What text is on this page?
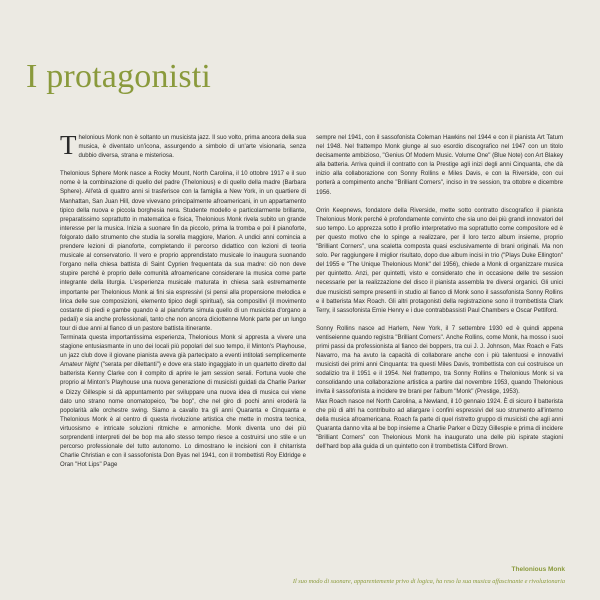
I protagonisti

Thelonious Monk non è soltanto un musicista jazz. Il suo volto, prima ancora della sua musica, è diventato un'icona, assurgendo a simbolo di un'arte visionaria, senza dubbio diversa, strana e misteriosa.

Thelonious Sphere Monk nasce a Rocky Mount, North Carolina, il 10 ottobre 1917 e il suo nome è la combinazione di quello del padre (Thelonious) e di quello della madre (Barbara Sphere). All'età di quattro anni si trasferisce con la famiglia a New York, in un quartiere di Manhattan, San Juan Hill, dove vivevano principalmente afroamericani, in un appartamento tipico della nuova e piccola borghesia nera. Studente modello e particolarmente brillante, preparatissimo soprattutto in matematica e fisica, Thelonious Monk rivela subito un grande interesse per la musica. Inizia a suonare fin da piccolo, prima la tromba e poi il pianoforte, folgorato dallo strumento che studia la sorella maggiore, Marion. A undici anni comincia a prendere lezioni di pianoforte, completando il percorso didattico con lezioni di teoria musicale al conservatorio. Il vero e proprio apprendistato musicale lo inaugura suonando l'organo nella chiesa battista di Saint Cyprien frequentata da sua madre: ciò non deve stupire perché è proprio delle comunità afroamericane considerare la musica come parte integrante della liturgia. L'esperienza musicale maturata in chiesa sarà estremamente importante per Thelonious Monk ai fini sia espressivi (si pensi alla propensione melodica e lirica delle sue composizioni, elemento tipico degli spiritual), sia compositivi (il movimento costante di piedi e gambe quando è al pianoforte simula quello di un musicista d'organo a pedali) e sia anche professionali, tanto che non ancora diciottenne Monk parte per un lungo tour di due anni al fianco di un pastore battista itinerante.

Terminata questa importantissima esperienza, Thelonious Monk si appresta a vivere una stagione entusiasmante in uno dei locali più popolari del suo tempo, il Minton's Playhouse, un jazz club dove il giovane pianista aveva già partecipato a eventi intitolati semplicemente Amateur Night ("serata per dilettanti") e dove era stato ingaggiato in un quartetto diretto dal batterista Kenny Clarke con il compito di aprire le jam session serali. Fortuna vuole che proprio al Minton's Playhouse una nuova generazione di musicisti guidati da Charlie Parker e Dizzy Gillespie si dà appuntamento per sviluppare una nuova idea di musica cui viene dato uno strano nome onomatopeico, "be bop", che nel giro di pochi anni eroderà la popolarità alle orchestre swing. Siamo a cavallo tra gli anni Quaranta e Cinquanta e Thelonious Monk è al centro di questa rivoluzione artistica che mette in mostra tecnica, virtuosismo e intricate soluzioni ritmiche e armoniche. Monk diventa uno dei più sorprendenti interpreti del be bop ma allo stesso tempo riesce a costruirsi uno stile e un percorso professionale del tutto autonomo. Lo dimostrano le incisioni con il chitarrista Charlie Christian e con il sassofonista Don Byas nel 1941, con il trombettisti Roy Eldridge e Oran "Hot Lips" Page

sempre nel 1941, con il sassofonista Coleman Hawkins nel 1944 e con il pianista Art Tatum nel 1948. Nel frattempo Monk giunge al suo esordio discografico nel 1947 con un titolo decisamente ambizioso, "Genius Of Modern Music. Volume One" (Blue Note) con Art Blakey alla batteria. Arriva quindi il contratto con la Prestige agli inizi degli anni Cinquanta, che dà inizio alla collaborazione con Sonny Rollins e Miles Davis, e con la Riverside, con cui porterà a compimento anche "Brilliant Corners", inciso in tre session, tra ottobre e dicembre 1956.

Orrin Keepnews, fondatore della Riverside, mette sotto contratto discografico il pianista Thelonious Monk perché è profondamente convinto che sia uno dei più grandi innovatori del suo tempo. Lo apprezza sotto il profilo interpretativo ma soprattutto come compositore ed è per questo motivo che lo spinge a realizzare, per il loro terzo album insieme, proprio "Brilliant Corners", una scaletta composta quasi esclusivamente di brani originali. Ma non solo. Per raggiungere il miglior risultato, dopo due album incisi in trio ("Plays Duke Ellington" del 1955 e "The Unique Thelonious Monk" del 1956), chiede a Monk di organizzare musica per quintetto. Anzi, per quintetti, visto e considerato che in occasione delle tre session necessarie per la realizzazione del disco il pianista assembla tre diversi organici. Gli unici due musicisti sempre presenti in studio al fianco di Monk sono il sassofonista Sonny Rollins e il batterista Max Roach. Gli altri protagonisti della registrazione sono il trombettista Clark Terry, il sassofonista Ernie Henry e i due contrabbassisti Paul Chambers e Oscar Pettiford.

Sonny Rollins nasce ad Harlem, New York, il 7 settembre 1930 ed è quindi appena ventiseienne quando registra "Brilliant Corners". Anche Rollins, come Monk, ha mosso i suoi primi passi da professionista al fianco dei boppers, tra cui J. J. Johnson, Max Roach e Fats Navarro, ma ha avuto la capacità di collaborare anche con i più talentuosi e innovativi musicisti dei primi anni Cinquanta: tra questi Miles Davis, trombettista con cui costruisce un sodalizio tra il 1951 e il 1954. Nel frattempo, tra Sonny Rollins e Thelonious Monk si va consolidando una collaborazione artistica a partire dal novembre 1953, quando Thelonious invita il sassofonista a incidere tre brani per l'album "Monk" (Prestige, 1953).

Max Roach nasce nel North Carolina, a Newland, il 10 gennaio 1924. È di sicuro il batterista che più di altri ha contribuito ad allargare i confini espressivi del suo strumento all'interno della musica afroamericana. Roach fa parte di quel ristretto gruppo di musicisti che agli anni Quaranta danno vita al be bop insieme a Charlie Parker e Dizzy Gillespie e prima di incidere "Brilliant Corners" con Thelonious Monk ha inaugurato una delle più ispirate stagioni dell'hard bop alla guida di un quintetto con il trombettista Clifford Brown.

Thelonious Monk
Il suo modo di suonare, apparentemente privo di logica, ha reso la sua musica affascinante e rivoluzionaria
